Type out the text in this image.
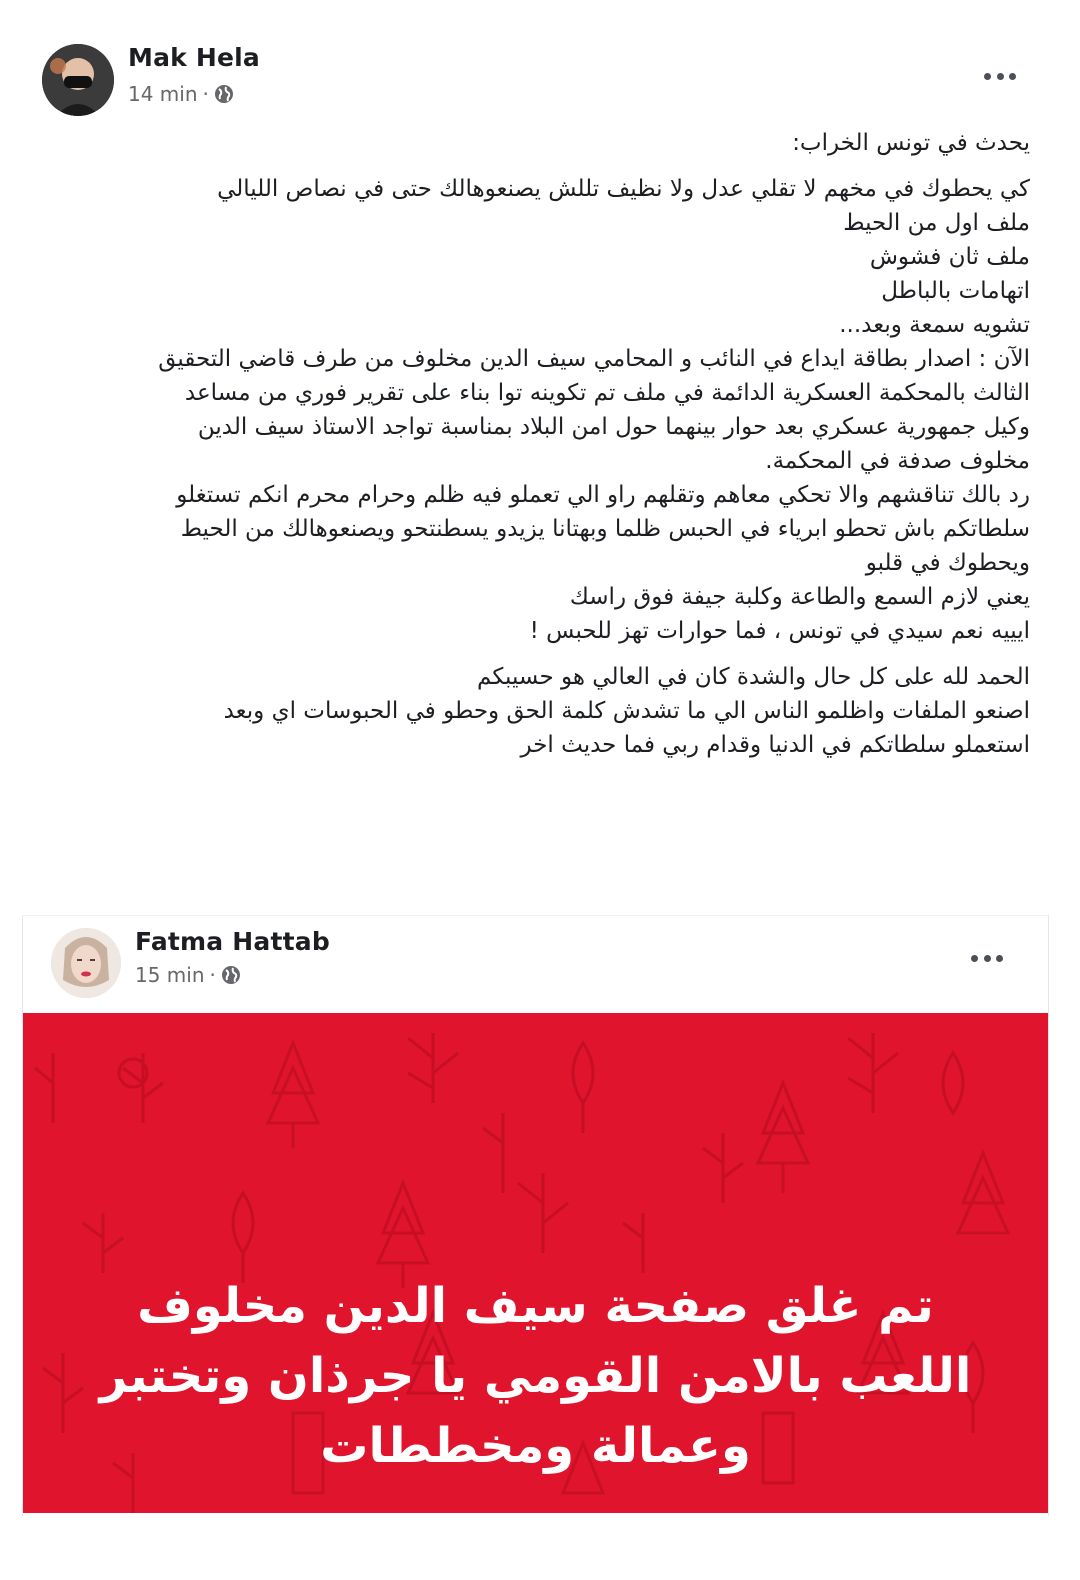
Mak Hela
14 min ·

يحدث في تونس الخراب:

كي يحطوك في مخهم لا تقلي عدل ولا نظيف تللش يصنعوهالك حتى في نصاص الليالي

ملف اول من الحيط

ملف ثان فشوش

اتهامات بالباطل

تشويه سمعة وبعد...

الآن : اصدار بطاقة ايداع في النائب و المحامي سيف الدين مخلوف من طرف قاضي التحقيق

الثالث بالمحكمة العسكرية الدائمة في ملف تم تكوينه توا بناء على تقرير فوري من مساعد

وكيل جمهورية عسكري بعد حوار بينهما حول امن البلاد بمناسبة تواجد الاستاذ سيف الدين

مخلوف صدفة في المحكمة.

رد بالك تناقشهم والا تحكي معاهم وتقلهم راو الي تعملو فيه ظلم وحرام محرم انكم تستغلو

سلطاتكم باش تحطو ابرياء في الحبس ظلما وبهتانا يزيدو يسطنتحو ويصنعوهالك من الحيط

ويحطوك في قلبو

يعني لازم السمع والطاعة وكلبة جيفة فوق راسك

ايييه نعم سيدي في تونس ، فما حوارات تهز للحبس !

الحمد لله على كل حال والشدة كان في العالي هو حسيبكم

اصنعو الملفات واظلمو الناس الي ما تشدش كلمة الحق وحطو في الحبوسات اي وبعد

استعملو سلطاتكم في الدنيا وقدام ربي فما حديث اخر

Fatma Hattab
15 min ·
تم غلق صفحة سيف الدين مخلوف
اللعب بالامن القومي يا جرذان وتختبر
وعمالة ومخططات
